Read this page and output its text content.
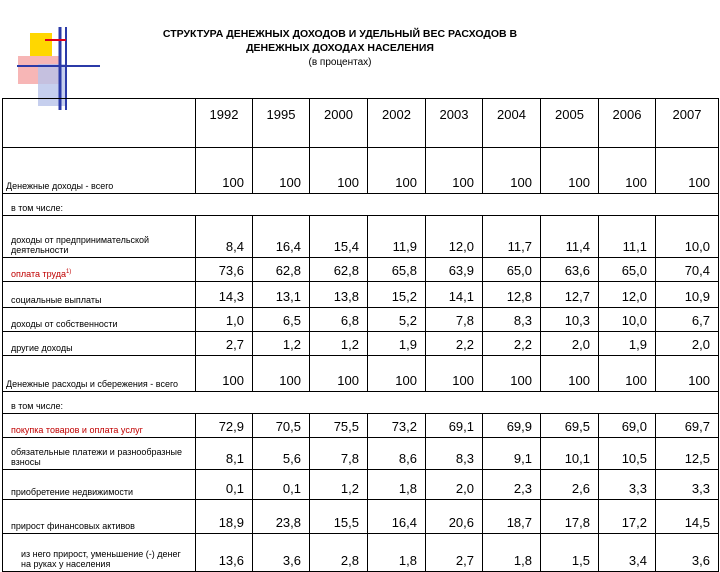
СТРУКТУРА ДЕНЕЖНЫХ ДОХОДОВ И УДЕЛЬНЫЙ ВЕС РАСХОДОВ В
ДЕНЕЖНЫХ ДОХОДАХ НАСЕЛЕНИЯ
(в процентах)
	1992	1995	2000	2002	2003	2004	2005	2006	2007
Денежные доходы - всего	100	100	100	100	100	100	100	100	100
в том числе:									
доходы от предпринимательской деятельности	8,4	16,4	15,4	11,9	12,0	11,7	11,4	11,1	10,0
оплата труда$^{1)}$	73,6	62,8	62,8	65,8	63,9	65,0	63,6	65,0	70,4
социальные выплаты	14,3	13,1	13,8	15,2	14,1	12,8	12,7	12,0	10,9
доходы от собственности	1,0	6,5	6,8	5,2	7,8	8,3	10,3	10,0	6,7
другие доходы	2,7	1,2	1,2	1,9	2,2	2,2	2,0	1,9	2,0
Денежные расходы и сбережения - всего	100	100	100	100	100	100	100	100	100
в том числе:									
покупка товаров и оплата услуг	72,9	70,5	75,5	73,2	69,1	69,9	69,5	69,0	69,7
обязательные платежи и разнообразные взносы	8,1	5,6	7,8	8,6	8,3	9,1	10,1	10,5	12,5
приобретение недвижимости	0,1	0,1	1,2	1,8	2,0	2,3	2,6	3,3	3,3
прирост финансовых активов	18,9	23,8	15,5	16,4	20,6	18,7	17,8	17,2	14,5
из него прирост, уменьшение (-) денег на руках у населения	13,6	3,6	2,8	1,8	2,7	1,8	1,5	3,4	3,6
